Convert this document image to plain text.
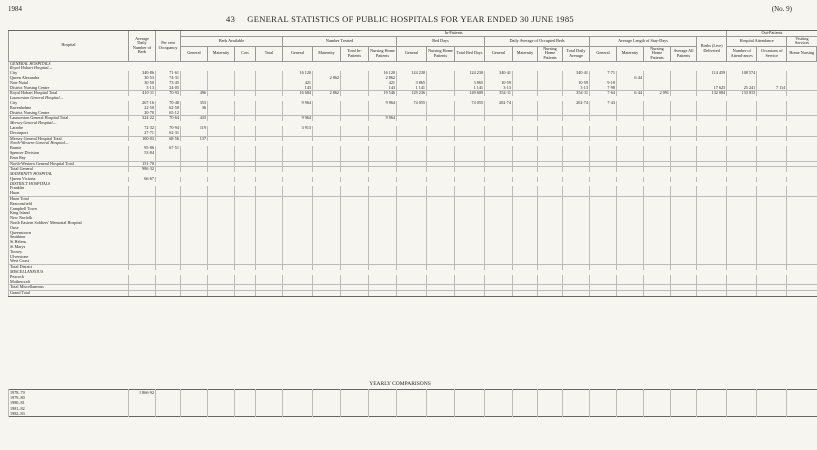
1984	(No. 9)
43 GENERAL STATISTICS OF PUBLIC HOSPITALS FOR YEAR ENDED 30 JUNE 1985
Hospital	Average Daily Number of Beds	Per cent Occupancy	In-Patients																				Out-Patients			
			Beds Available				Number Treated				Bed Days			Daily Average of Occupied Beds				Average Length of Stay-Days				Births (Live) Delivered	Hospital Attendance		Visiting Services	
			General	Maternity	Cots	Total	General	Maternity	Total In-Patients	Nursing Home Patients	General	Nursing Home Patients	Total Bed Days	General	Maternity	Nursing Home Patients	Total Daily Average	General	Maternity	Nursing Home Patients	Average All Patients		Number of Attend-ances	Occasions of Service	Home Nursing	
GENERAL HOSPITALS																										
Royal Hobart Hospital—																										
City	340·86	71·61					16 120			16 120	124 230		124 230	340·41			340·41	7·71				114 459	108 574			
Queen Alexandra	30·53	74·31						2 862		2 862									6·44							
Non-Nutal	30·50	73·45					421			421	3 865		3 865	10·59			10·59	9·18								
District Nursing Centre	3·13	24·05					143			143	1 141		1 141	3·13			3·13	7·98				17 625	25 241	7 114		
Royal Hobart Hospital Total	410·11	70·93	496				16 684	2 862		19 546	129 236		149 609	354·11			354·11	7·64	6·44	2 091		132 084	133 815			
Launceston General Hospital—																										
City	267·16	70·48	353				9 964			9 964	74 055		74 055	202·74			202·74	7·43								
Ravenholme	22·50	62·50	36																							
District Nursing Centre	20·70	65·12																								
Launceston General Hospital Total	324·22	70·64	433				9 964			9 964																
Mersey General Hospital—																										
Latrobe	72·32	70·94	119				3 913																			
Devonport	27·71	62·31																								
Mersey General Hospital Total	100·03	68·56	137																							
North-Western General Hospital—																										
Burnie	95·86	67·51																								
Spencer Division	53·84																									
Emu Bay																										
North-Western General Hospital Total	151·70																									
Total General	986·32																									
MATERNITY HOSPITAL																										
Queen Victoria	66·67																									
DISTRICT HOSPITALS																										
Franklin																										
Huon																										
Huon Total																										
Beaconsfield																										
Campbell Town																										
King Island																										
New Norfolk																										
North Eastern Soldiers' Memorial Hospital																										
Ouse																										
Queenstown																										
Smithton																										
St Helens																										
St Marys																										
Toosey																										
Ulverstone																										
West Coast																										
Total District																										
MISCELLANEOUS																										
Peacock																										
Mothercraft																										
Total Miscellaneous																										
Grand Total																										
YEARLY COMPARISONS
1978–79	1 866·92																								
1979–80																									
1980–81																									
1981–82																									
1982–83																									
